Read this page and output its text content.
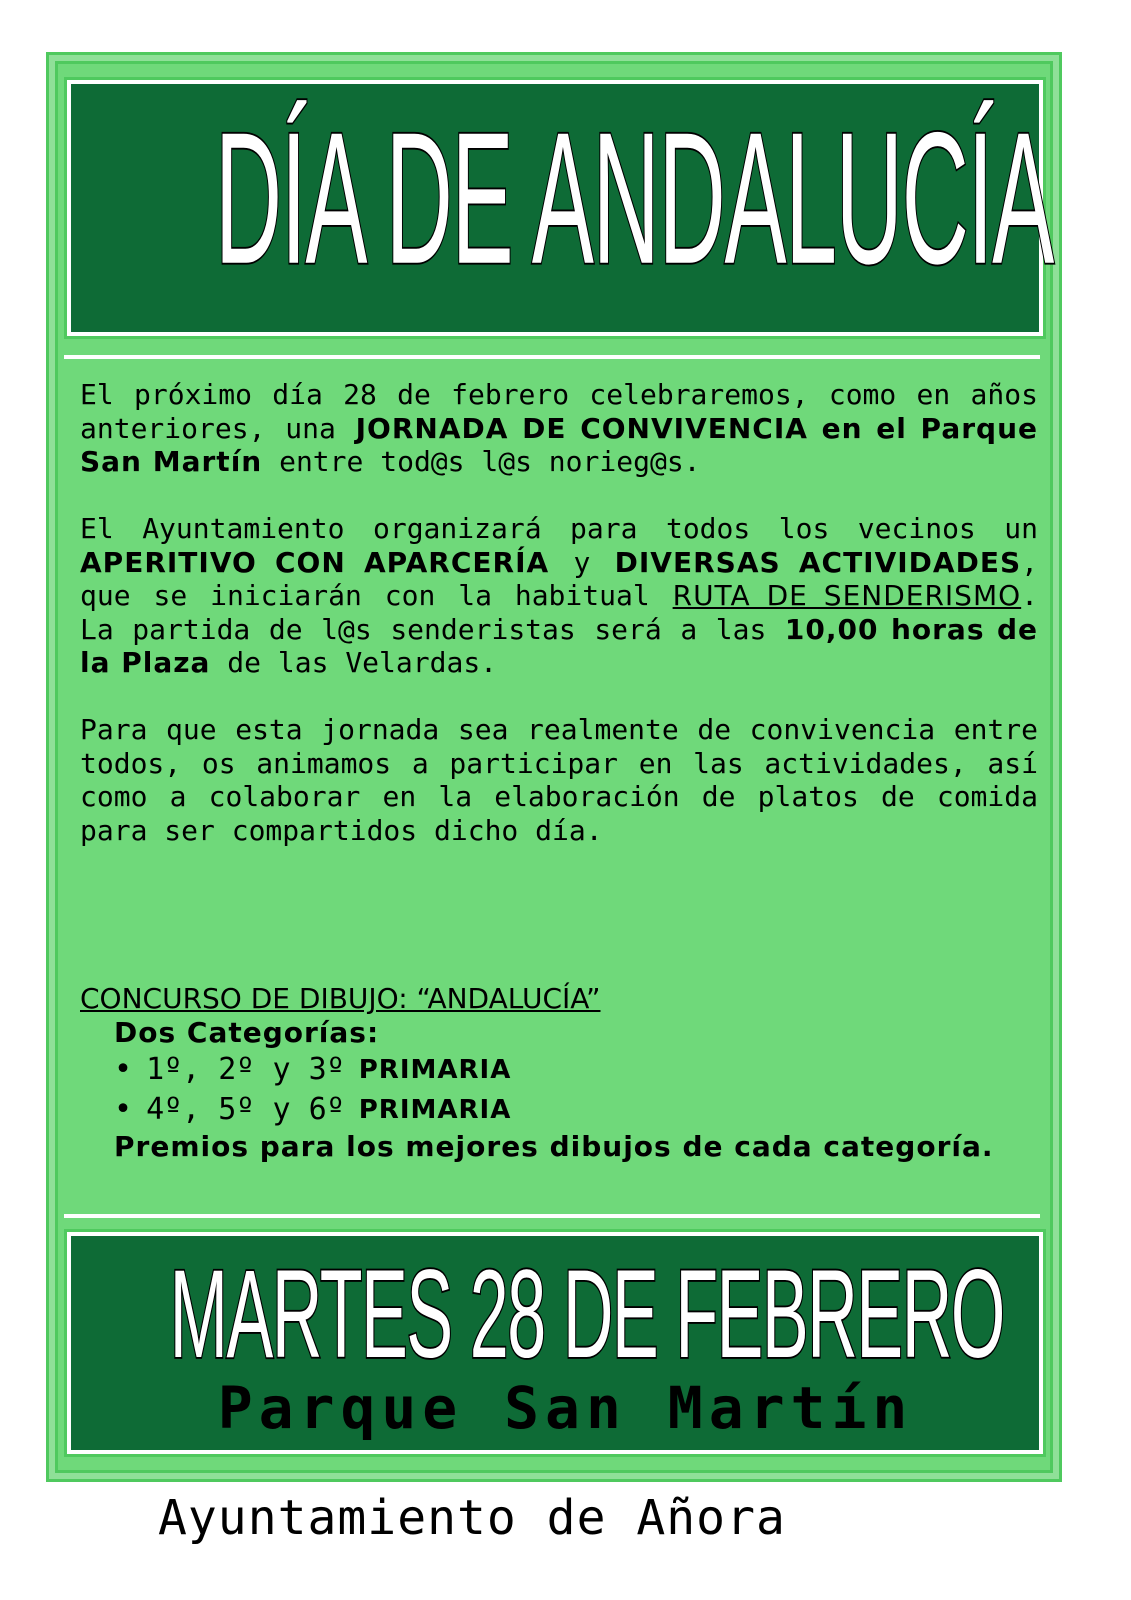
DÍA DE ANDALUCÍA

El próximo día 28 de febrero celebraremos, como en años anteriores, una JORNADA DE CONVIVENCIA en el Parque San Martín entre tod@s l@s norieg@s.

El Ayuntamiento organizará para todos los vecinos un APERITIVO CON APARCERÍA y DIVERSAS ACTIVIDADES, que se iniciarán con la habitual RUTA DE SENDERISMO. La partida de l@s senderistas será a las 10,00 horas de la Plaza de las Velardas.

Para que esta jornada sea realmente de convivencia entre todos, os animamos a participar en las actividades, así como a colaborar en la elaboración de platos de comida para ser compartidos dicho día.

CONCURSO DE DIBUJO: “ANDALUCÍA”
Dos Categorías:
• 1º, 2º y 3º PRIMARIA
• 4º, 5º y 6º PRIMARIA
Premios para los mejores dibujos de cada categoría.
MARTES 28 DE FEBRERO
Parque San Martín
Ayuntamiento de Añora
